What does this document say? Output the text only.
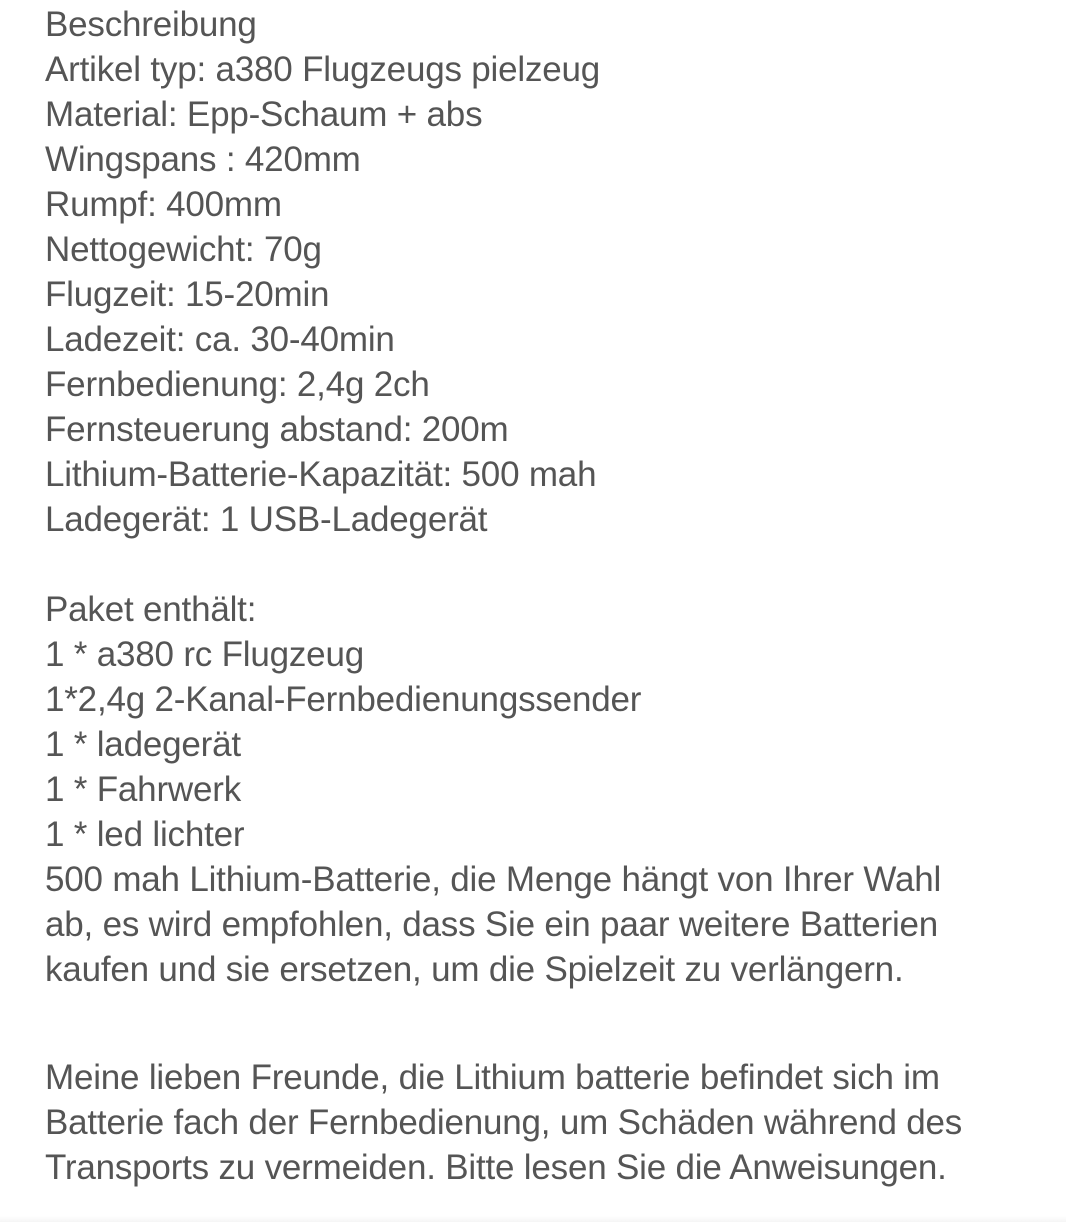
Beschreibung
Artikel typ: a380 Flugzeugs pielzeug
Material: Epp-Schaum + abs
Wingspans : 420mm
Rumpf: 400mm
Nettogewicht: 70g
Flugzeit: 15-20min
Ladezeit: ca. 30-40min
Fernbedienung: 2,4g 2ch
Fernsteuerung abstand: 200m
Lithium-Batterie-Kapazität: 500 mah
Ladegerät: 1 USB-Ladegerät
Paket enthält:
1 * a380 rc Flugzeug
1*2,4g 2-Kanal-Fernbedienungssender
1 * ladegerät
1 * Fahrwerk
1 * led lichter
500 mah Lithium-Batterie, die Menge hängt von Ihrer Wahl
ab, es wird empfohlen, dass Sie ein paar weitere Batterien
kaufen und sie ersetzen, um die Spielzeit zu verlängern.
Meine lieben Freunde, die Lithium batterie befindet sich im
Batterie fach der Fernbedienung, um Schäden während des
Transports zu vermeiden. Bitte lesen Sie die Anweisungen.
